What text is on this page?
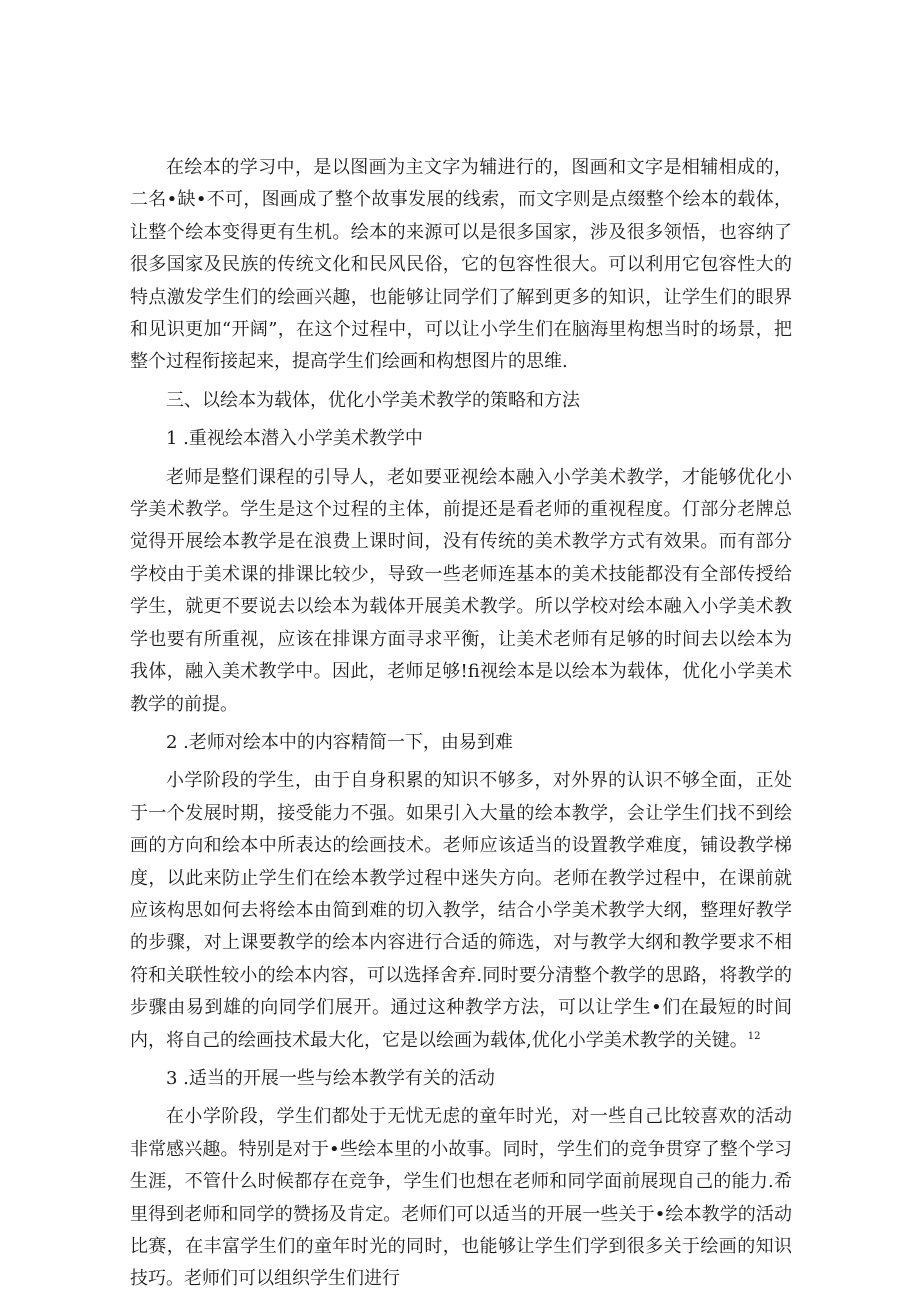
在绘本的学习中，是以图画为主文字为辅进行的，图画和文字是相辅相成的，二名•缺•不可，图画成了整个故事发展的线索，而文字则是点缀整个绘本的载体，让整个绘本变得更有生机。绘本的来源可以是很多国家，涉及很多领悟，也容纳了很多国家及民族的传统文化和民风民俗，它的包容性很大。可以利用它包容性大的特点激发学生们的绘画兴趣，也能够让同学们了解到更多的知识，让学生们的眼界和见识更加“开阔”，在这个过程中，可以让小学生们在脑海里构想当时的场景，把整个过程衔接起来，提高学生们绘画和构想图片的思维.

三、以绘本为载体，优化小学美术教学的策略和方法

1 .重视绘本潜入小学美术教学中

老师是整们课程的引导人，老如要亚视绘本融入小学美术教学，才能够优化小学美术教学。学生是这个过程的主体，前提还是看老师的重视程度。仃部分老牌总觉得开展绘本教学是在浪费上课时间，没有传统的美术教学方式有效果。而有部分学校由于美术课的排课比较少，导致一些老师连基本的美术技能都没有全部传授给学生，就更不要说去以绘本为载体开展美术教学。所以学校对绘本融入小学美术教学也要有所重视，应该在排课方面寻求平衡，让美术老师有足够的时间去以绘本为我体，融入美术教学中。因此，老师足够!fi视绘本是以绘本为载体，优化小学美术教学的前提。

2 .老师对绘本中的内容精简一下，由易到难

小学阶段的学生，由于自身积累的知识不够多，对外界的认识不够全面，正处于一个发展时期，接受能力不强。如果引入大量的绘本教学，会让学生们找不到绘画的方向和绘本中所表达的绘画技术。老师应该适当的设置教学难度，铺设教学梯度，以此来防止学生们在绘本教学过程中迷失方向。老师在教学过程中，在课前就应该构思如何去将绘本由简到难的切入教学，结合小学美术教学大纲，整理好教学的步骤，对上课要教学的绘本内容进行合适的筛选，对与教学大纲和教学要求不相符和关联性较小的绘本内容，可以选择舍弃.同时要分清整个教学的思路，将教学的步骤由易到雄的向同学们展开。通过这种教学方法，可以让学生•们在最短的时间内，将自己的绘画技术最大化，它是以绘画为载体,优化小学美术教学的关键。$^{12}$

3 .适当的开展一些与绘本教学有关的活动

在小学阶段，学生们都处于无忧无虑的童年时光，对一些自己比较喜欢的活动非常感兴趣。特别是对于•些绘本里的小故事。同时，学生们的竞争贯穿了整个学习生涯，不管什么时候都存在竞争，学生们也想在老师和同学面前展现自己的能力.希里得到老师和同学的赞扬及肯定。老师们可以适当的开展一些关于•绘本教学的活动比赛，在丰富学生们的童年时光的同时，也能够让学生们学到很多关于绘画的知识技巧。老师们可以组织学生们进行
